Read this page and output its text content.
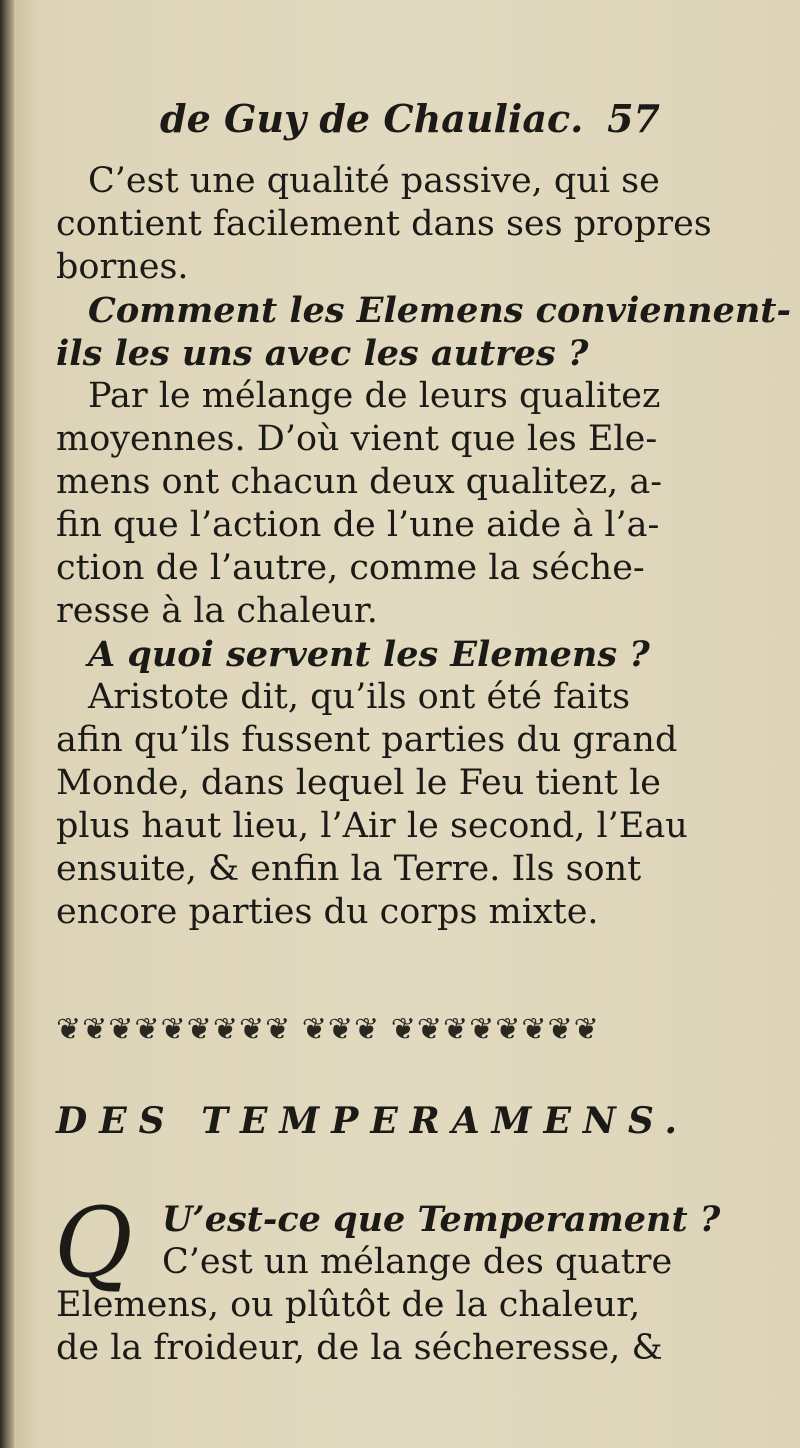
de Guy de Chauliac. 57
C’est une qualité passive, qui se
contient facilement dans ses propres
bornes.
Comment les Elemens conviennent-
ils les uns avec les autres ?
Par le mélange de leurs qualitez
moyennes. D’où vient que les Ele-
mens ont chacun deux qualitez, a-
fin que l’action de l’une aide à l’a-
ction de l’autre, comme la séche-
resse à la chaleur.
A quoi servent les Elemens ?
Aristote dit, qu’ils ont été faits
afin qu’ils fussent parties du grand
Monde, dans lequel le Feu tient le
plus haut lieu, l’Air le second, l’Eau
ensuite, & enfin la Terre. Ils sont
encore parties du corps mixte.
❦❦❦❦❦❦❦❦❦ ❦❦❦ ❦❦❦❦❦❦❦❦
DES TEMPERAMENS.
Q U’est-ce que Temperament ?
C’est un mélange des quatre
Elemens, ou plûtôt de la chaleur,
de la froideur, de la sécheresse, &
